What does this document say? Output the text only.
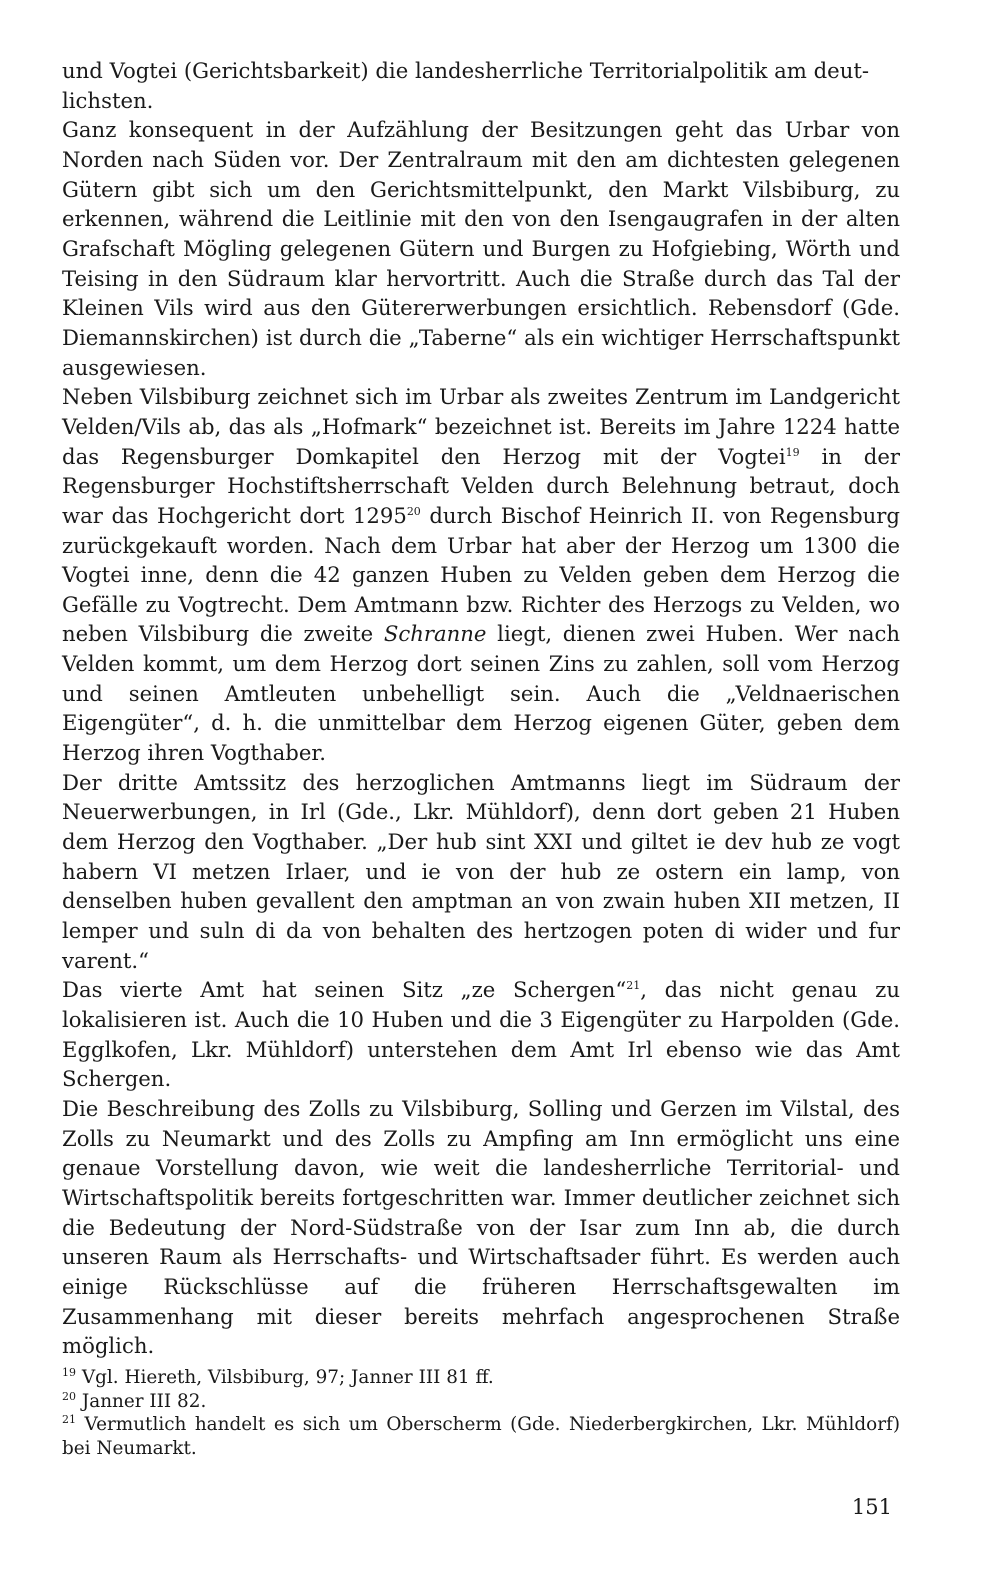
und Vogtei (Gerichtsbarkeit) die landesherrliche Territorialpolitik am deut-
lichsten.

Ganz konsequent in der Aufzählung der Besitzungen geht das Urbar von Norden nach Süden vor. Der Zentralraum mit den am dichtesten gelegenen Gütern gibt sich um den Gerichtsmittelpunkt, den Markt Vilsbiburg, zu erkennen, während die Leitlinie mit den von den Isengaugrafen in der alten Grafschaft Mögling gelegenen Gütern und Burgen zu Hofgiebing, Wörth und Teising in den Südraum klar hervortritt. Auch die Straße durch das Tal der Kleinen Vils wird aus den Gütererwerbungen ersichtlich. Rebensdorf (Gde. Diemannskirchen) ist durch die „Taberne“ als ein wichtiger Herrschaftspunkt ausgewiesen.

Neben Vilsbiburg zeichnet sich im Urbar als zweites Zentrum im Landgericht Velden/Vils ab, das als „Hofmark“ bezeichnet ist. Bereits im Jahre 1224 hatte das Regensburger Domkapitel den Herzog mit der Vogtei$^{19}$ in der Regensburger Hochstiftsherrschaft Velden durch Belehnung betraut, doch war das Hochgericht dort 1295$^{20}$ durch Bischof Heinrich II. von Regensburg zurückgekauft worden. Nach dem Urbar hat aber der Herzog um 1300 die Vogtei inne, denn die 42 ganzen Huben zu Velden geben dem Herzog die Gefälle zu Vogtrecht. Dem Amtmann bzw. Richter des Herzogs zu Velden, wo neben Vilsbiburg die zweite Schranne liegt, dienen zwei Huben. Wer nach Velden kommt, um dem Herzog dort seinen Zins zu zahlen, soll vom Herzog und seinen Amtleuten unbehelligt sein. Auch die „Veldnaerischen Eigengüter“, d. h. die unmittelbar dem Herzog eigenen Güter, geben dem Herzog ihren Vogthaber.

Der dritte Amtssitz des herzoglichen Amtmanns liegt im Südraum der Neuerwerbungen, in Irl (Gde., Lkr. Mühldorf), denn dort geben 21 Huben dem Herzog den Vogthaber. „Der hub sint XXI und giltet ie dev hub ze vogt habern VI metzen Irlaer, und ie von der hub ze ostern ein lamp, von denselben huben gevallent den amptman an von zwain huben XII metzen, II lemper und suln di da von behalten des hertzogen poten di wider und fur varent.“

Das vierte Amt hat seinen Sitz „ze Schergen“$^{21}$, das nicht genau zu lokalisieren ist. Auch die 10 Huben und die 3 Eigengüter zu Harpolden (Gde. Egglkofen, Lkr. Mühldorf) unterstehen dem Amt Irl ebenso wie das Amt Schergen.

Die Beschreibung des Zolls zu Vilsbiburg, Solling und Gerzen im Vilstal, des Zolls zu Neumarkt und des Zolls zu Ampfing am Inn ermöglicht uns eine genaue Vorstellung davon, wie weit die landesherrliche Territorial- und Wirtschaftspolitik bereits fortgeschritten war. Immer deutlicher zeichnet sich die Bedeutung der Nord-Südstraße von der Isar zum Inn ab, die durch unseren Raum als Herrschafts- und Wirtschaftsader führt. Es werden auch einige Rückschlüsse auf die früheren Herrschaftsgewalten im Zusammenhang mit dieser bereits mehrfach angesprochenen Straße möglich.

$^{19}$ Vgl. Hiereth, Vilsbiburg, 97; Janner III 81 ff.

$^{20}$ Janner III 82.

$^{21}$ Vermutlich handelt es sich um Oberscherm (Gde. Niederbergkirchen, Lkr. Mühldorf) bei Neumarkt.

151
